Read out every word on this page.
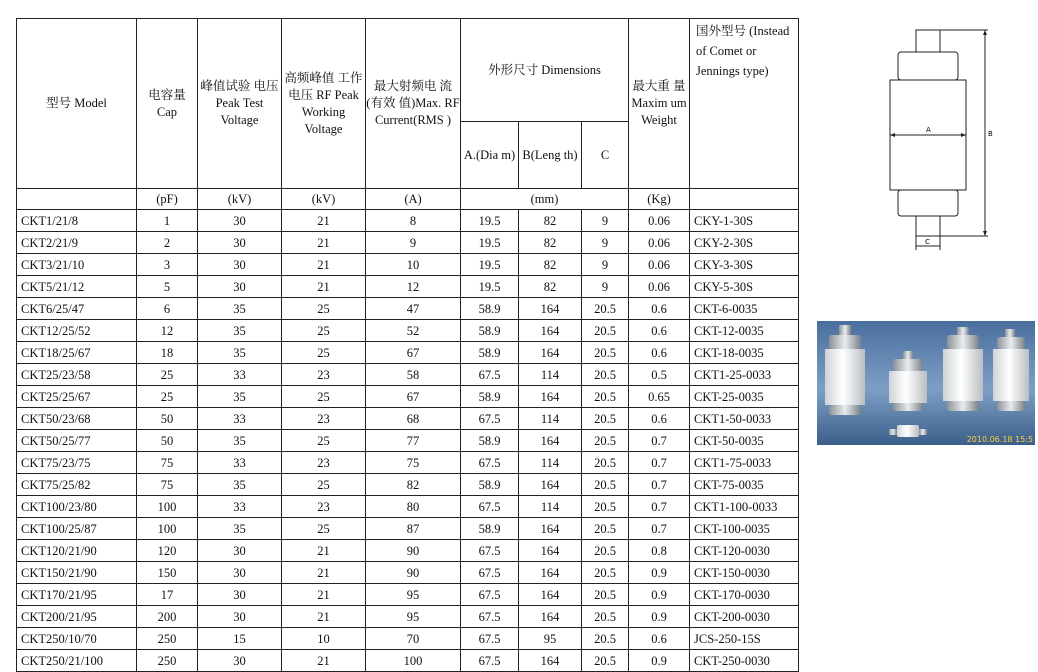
型号 Model	电容量 Cap	峰值试验 电压 Peak Test Voltage	高频峰值 工作电压 RF Peak Working Voltage	最大射频电 流(有效 值)Max. RF Current(RMS )	外形尺寸 Dimensions			最大重 量 Maxim um Weight	国外型号 (Instead of Comet or Jennings type)
					A.(Dia m)	B(Leng th)	C		
	(pF)	(kV)	(kV)	(A)	(mm)			(Kg)	
CKT1/21/8	1	30	21	8	19.5	82	9	0.06	CKY-1-30S
CKT2/21/9	2	30	21	9	19.5	82	9	0.06	CKY-2-30S
CKT3/21/10	3	30	21	10	19.5	82	9	0.06	CKY-3-30S
CKT5/21/12	5	30	21	12	19.5	82	9	0.06	CKY-5-30S
CKT6/25/47	6	35	25	47	58.9	164	20.5	0.6	CKT-6-0035
CKT12/25/52	12	35	25	52	58.9	164	20.5	0.6	CKT-12-0035
CKT18/25/67	18	35	25	67	58.9	164	20.5	0.6	CKT-18-0035
CKT25/23/58	25	33	23	58	67.5	114	20.5	0.5	CKT1-25-0033
CKT25/25/67	25	35	25	67	58.9	164	20.5	0.65	CKT-25-0035
CKT50/23/68	50	33	23	68	67.5	114	20.5	0.6	CKT1-50-0033
CKT50/25/77	50	35	25	77	58.9	164	20.5	0.7	CKT-50-0035
CKT75/23/75	75	33	23	75	67.5	114	20.5	0.7	CKT1-75-0033
CKT75/25/82	75	35	25	82	58.9	164	20.5	0.7	CKT-75-0035
CKT100/23/80	100	33	23	80	67.5	114	20.5	0.7	CKT1-100-0033
CKT100/25/87	100	35	25	87	58.9	164	20.5	0.7	CKT-100-0035
CKT120/21/90	120	30	21	90	67.5	164	20.5	0.8	CKT-120-0030
CKT150/21/90	150	30	21	90	67.5	164	20.5	0.9	CKT-150-0030
CKT170/21/95	17	30	21	95	67.5	164	20.5	0.9	CKT-170-0030
CKT200/21/95	200	30	21	95	67.5	164	20.5	0.9	CKT-200-0030
CKT250/10/70	250	15	10	70	67.5	95	20.5	0.6	JCS-250-15S
CKT250/21/100	250	30	21	100	67.5	164	20.5	0.9	CKT-250-0030
A	B
C
2010.06.18 15:5
